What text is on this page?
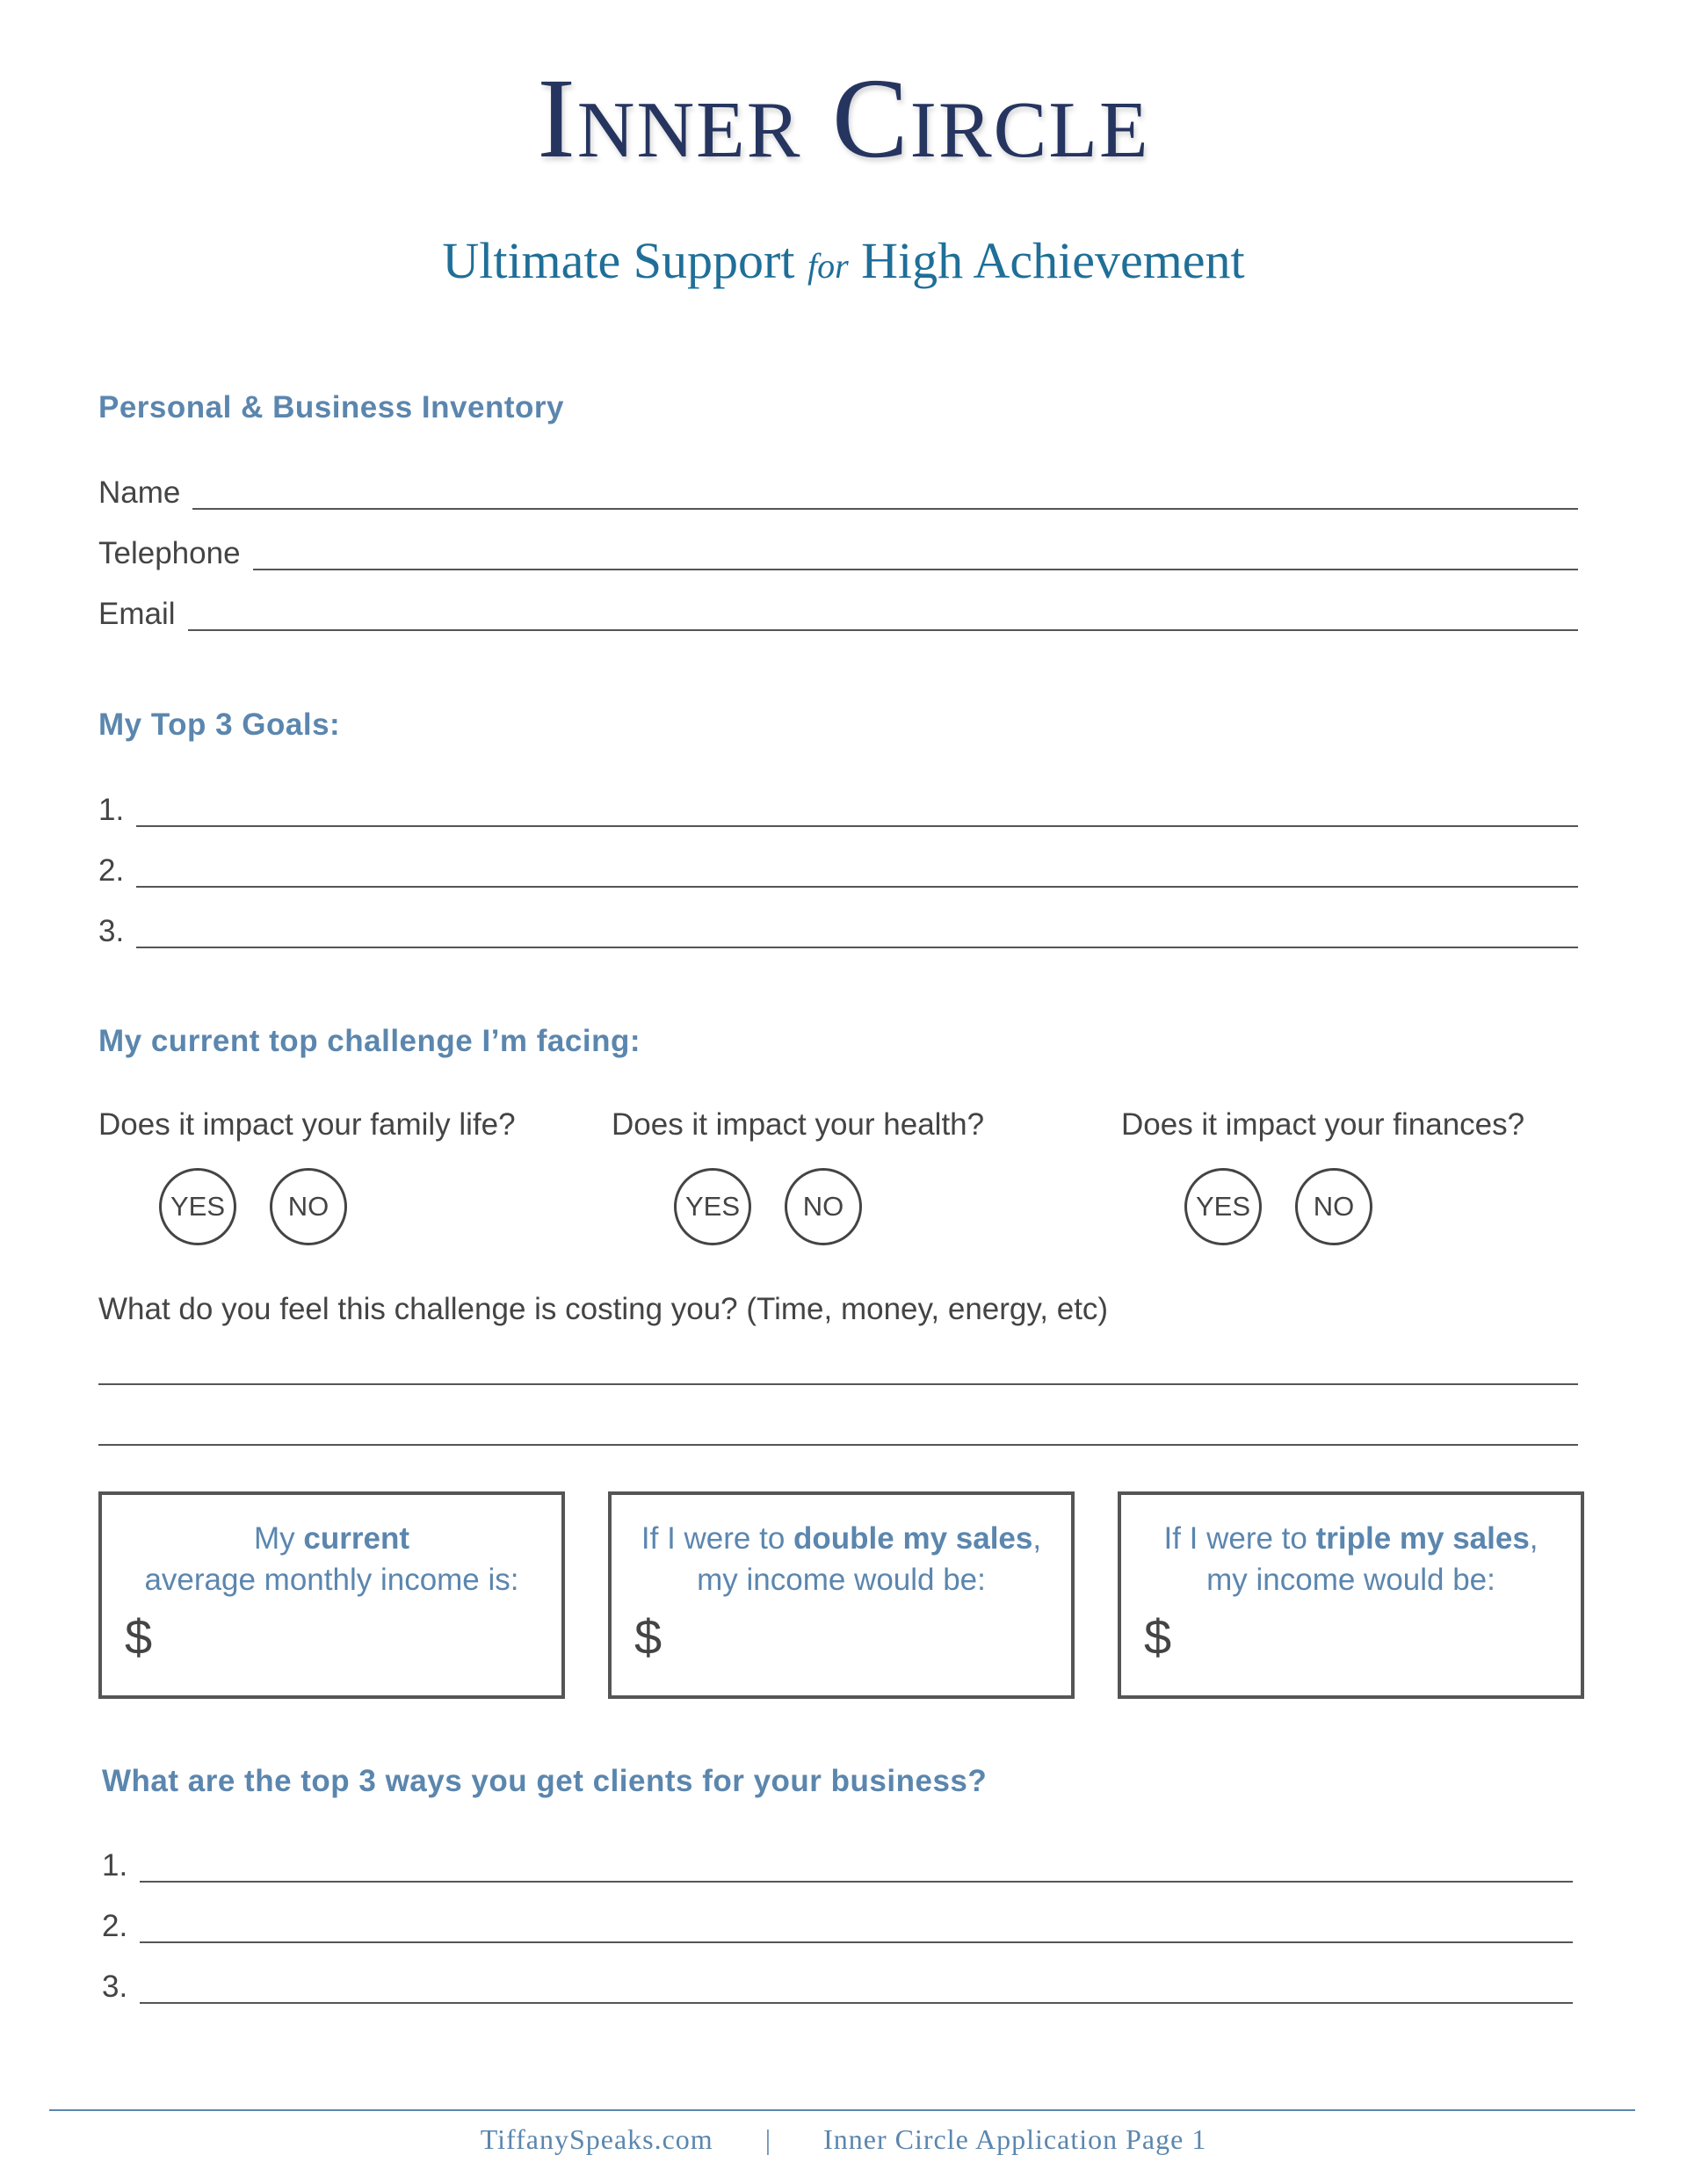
Inner Circle
Ultimate Support for High Achievement
Personal & Business Inventory
Name
Telephone
Email
My Top 3 Goals:
1.
2.
3.
My current top challenge I’m facing:
Does it impact your family life?	Does it impact your health?	Does it impact your finances?
YES	NO	YES	NO	YES	NO
What do you feel this challenge is costing you? (Time, money, energy, etc)
My current
average monthly income is:
$
If I were to double my sales,
my income would be:
$
If I were to triple my sales,
my income would be:
$
What are the top 3 ways you get clients for your business?
1.
2.
3.
TiffanySpeaks.com | Inner Circle Application Page 1
